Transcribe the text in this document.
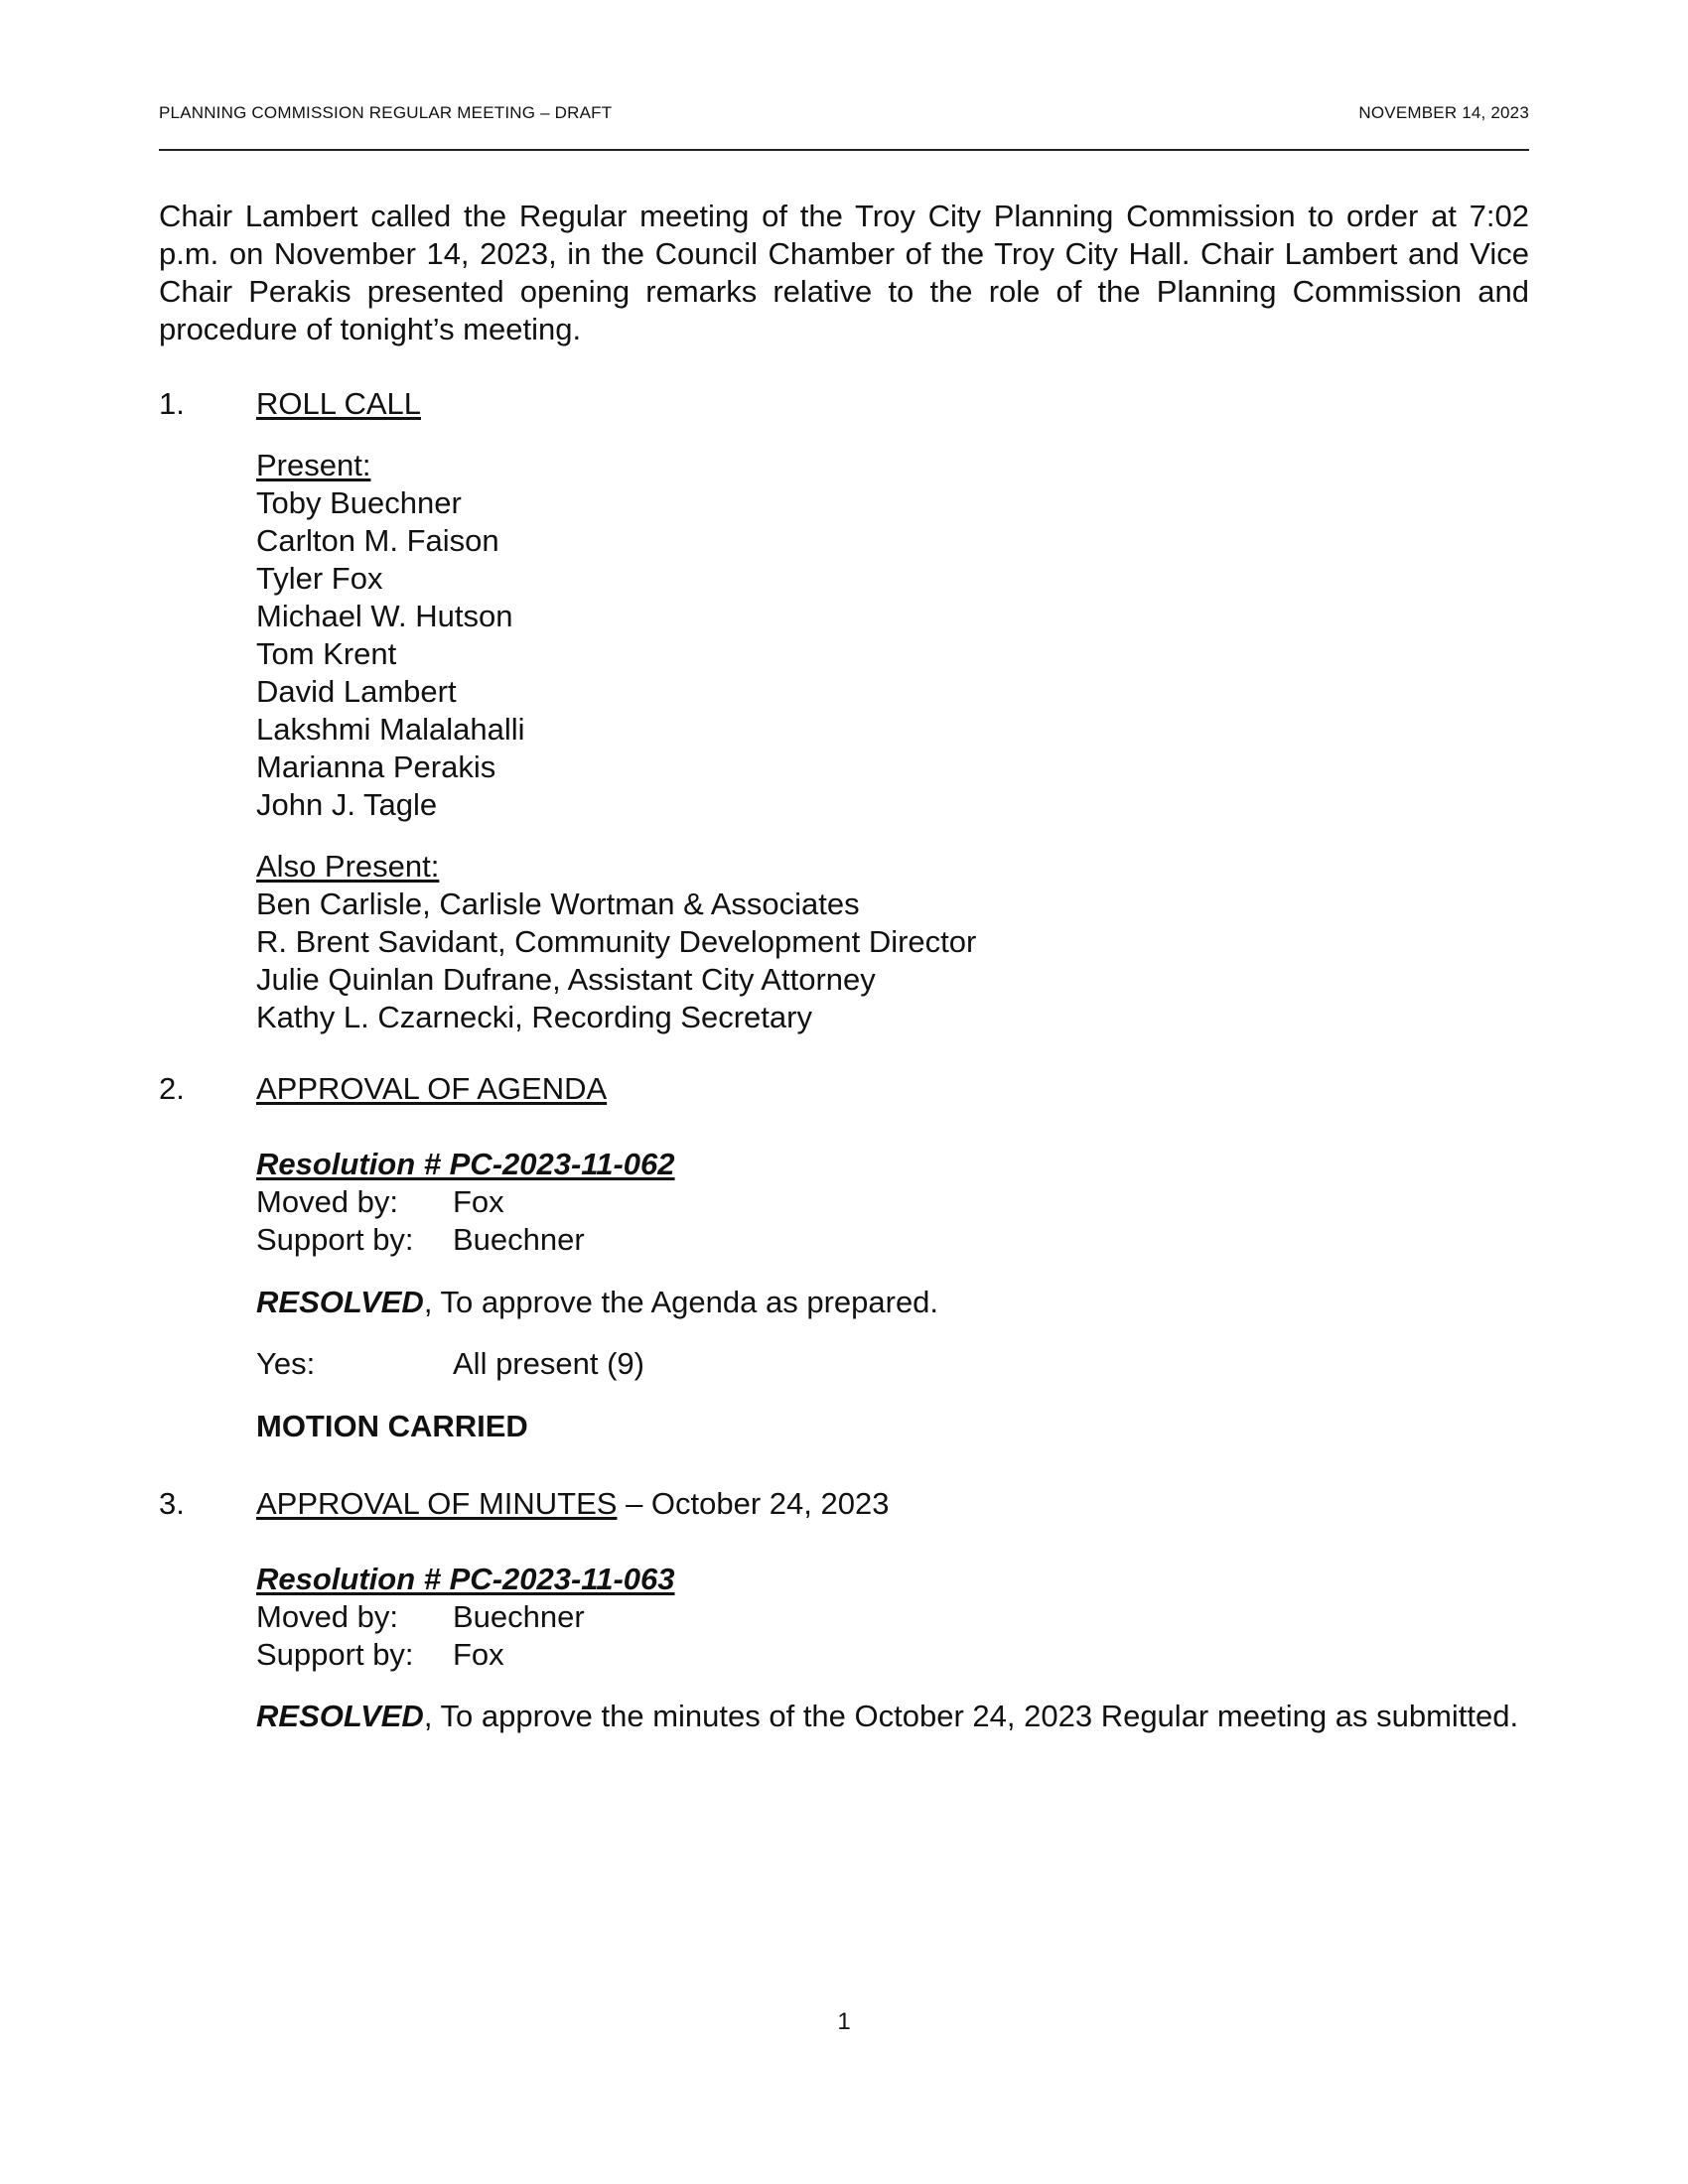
PLANNING COMMISSION REGULAR MEETING – DRAFT	NOVEMBER 14, 2023
Chair Lambert called the Regular meeting of the Troy City Planning Commission to order at 7:02 p.m. on November 14, 2023, in the Council Chamber of the Troy City Hall. Chair Lambert and Vice Chair Perakis presented opening remarks relative to the role of the Planning Commission and procedure of tonight’s meeting.
1. ROLL CALL
Present:
Toby Buechner
Carlton M. Faison
Tyler Fox
Michael W. Hutson
Tom Krent
David Lambert
Lakshmi Malalahalli
Marianna Perakis
John J. Tagle
Also Present:
Ben Carlisle, Carlisle Wortman & Associates
R. Brent Savidant, Community Development Director
Julie Quinlan Dufrane, Assistant City Attorney
Kathy L. Czarnecki, Recording Secretary
2. APPROVAL OF AGENDA
Resolution # PC-2023-11-062
Moved by: Fox
Support by: Buechner
RESOLVED, To approve the Agenda as prepared.
Yes:	All present (9)
MOTION CARRIED
3. APPROVAL OF MINUTES – October 24, 2023
Resolution # PC-2023-11-063
Moved by: Buechner
Support by: Fox
RESOLVED, To approve the minutes of the October 24, 2023 Regular meeting as submitted.
1
